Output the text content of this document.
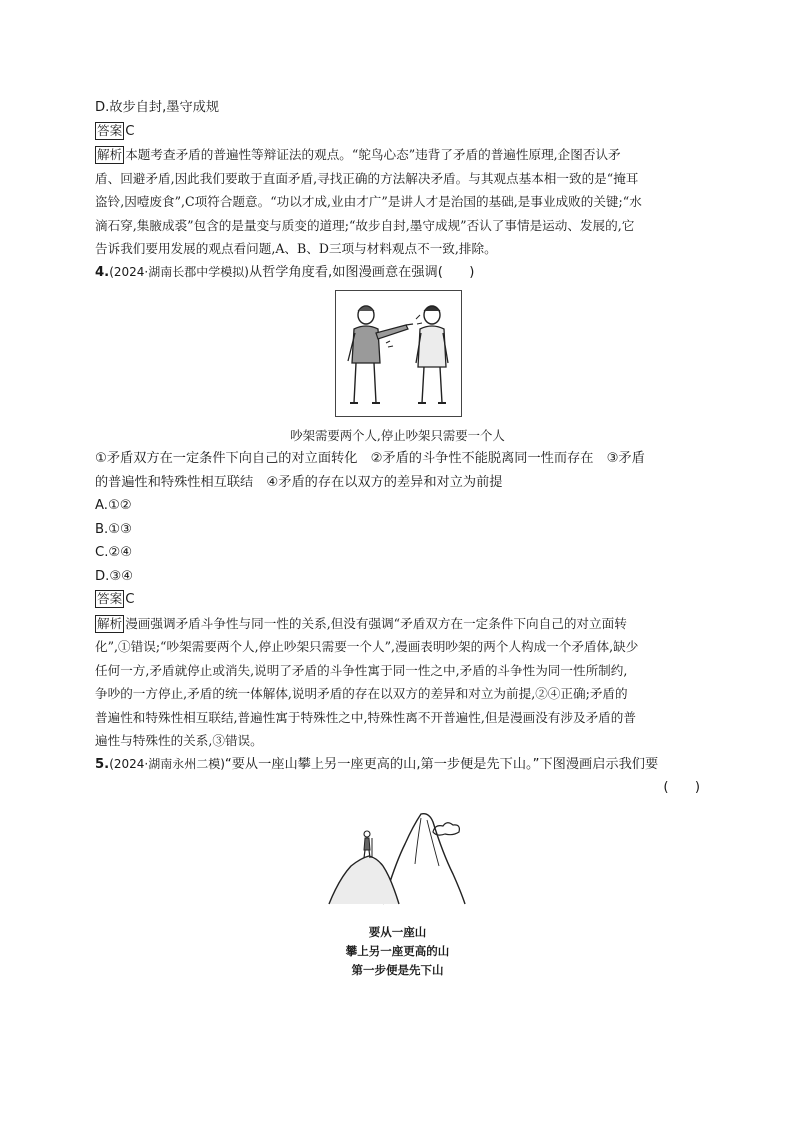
D.故步自封,墨守成规
答案 C
解析 本题考查矛盾的普遍性等辩证法的观点。“鸵鸟心态”违背了矛盾的普遍性原理,企图否认矛
盾、回避矛盾,因此我们要敢于直面矛盾,寻找正确的方法解决矛盾。与其观点基本相一致的是“掩耳
盗铃,因噎废食”,C项符合题意。“功以才成,业由才广”是讲人才是治国的基础,是事业成败的关键;“水
滴石穿,集腋成裘”包含的是量变与质变的道理;“故步自封,墨守成规”否认了事情是运动、发展的,它
告诉我们要用发展的观点看问题,A、B、D三项与材料观点不一致,排除。
4.(2024·湖南长郡中学模拟)从哲学角度看,如图漫画意在强调(　　)
吵架需要两个人,停止吵架只需要一个人
①矛盾双方在一定条件下向自己的对立面转化　②矛盾的斗争性不能脱离同一性而存在　③矛盾
的普遍性和特殊性相互联结　④矛盾的存在以双方的差异和对立为前提
A.①②
B.①③
C.②④
D.③④
答案 C
解析 漫画强调矛盾斗争性与同一性的关系,但没有强调“矛盾双方在一定条件下向自己的对立面转
化”,①错误;“吵架需要两个人,停止吵架只需要一个人”,漫画表明吵架的两个人构成一个矛盾体,缺少
任何一方,矛盾就停止或消失,说明了矛盾的斗争性寓于同一性之中,矛盾的斗争性为同一性所制约,
争吵的一方停止,矛盾的统一体解体,说明矛盾的存在以双方的差异和对立为前提,②④正确;矛盾的
普遍性和特殊性相互联结,普遍性寓于特殊性之中,特殊性离不开普遍性,但是漫画没有涉及矛盾的普
遍性与特殊性的关系,③错误。
5.(2024·湖南永州二模)“要从一座山攀上另一座更高的山,第一步便是先下山。”下图漫画启示我们要
(　　)
要从一座山
攀上另一座更高的山
第一步便是先下山
